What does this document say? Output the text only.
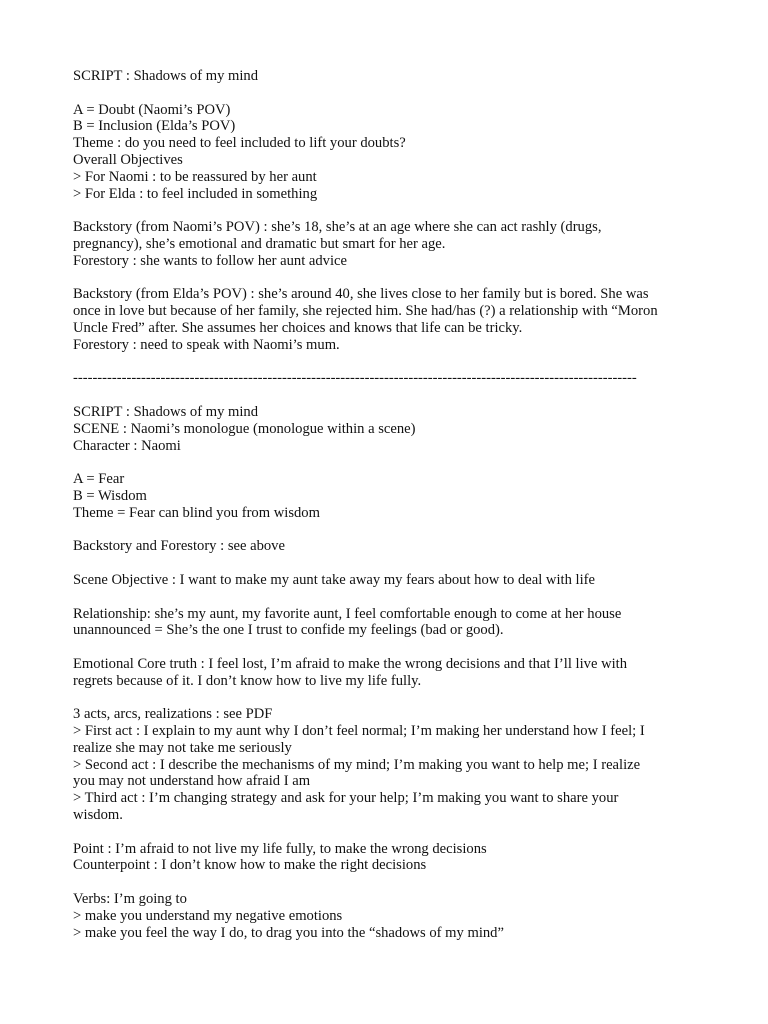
SCRIPT : Shadows of my mind

A = Doubt (Naomi’s POV)

B = Inclusion (Elda’s POV)

Theme : do you need to feel included to lift your doubts?

Overall Objectives

> For Naomi : to be reassured by her aunt

> For Elda : to feel included in something

Backstory (from Naomi’s POV) : she’s 18, she’s at an age where she can act rashly (drugs,

pregnancy), she’s emotional and dramatic but smart for her age.

Forestory : she wants to follow her aunt advice

Backstory (from Elda’s POV) : she’s around 40, she lives close to her family but is bored. She was

once in love but because of her family, she rejected him. She had/has (?) a relationship with “Moron

Uncle Fred” after. She assumes her choices and knows that life can be tricky.

Forestory : need to speak with Naomi’s mum.

--------------------------------------------------------------------------------------------------------------------

SCRIPT : Shadows of my mind

SCENE : Naomi’s monologue (monologue within a scene)

Character : Naomi

A = Fear

B = Wisdom

Theme = Fear can blind you from wisdom

Backstory and Forestory : see above

Scene Objective : I want to make my aunt take away my fears about how to deal with life

Relationship: she’s my aunt, my favorite aunt, I feel comfortable enough to come at her house

unannounced = She’s the one I trust to confide my feelings (bad or good).

Emotional Core truth : I feel lost, I’m afraid to make the wrong decisions and that I’ll live with

regrets because of it. I don’t know how to live my life fully.

3 acts, arcs, realizations : see PDF

> First act : I explain to my aunt why I don’t feel normal; I’m making her understand how I feel; I

realize she may not take me seriously

> Second act : I describe the mechanisms of my mind; I’m making you want to help me; I realize

you may not understand how afraid I am

> Third act : I’m changing strategy and ask for your help; I’m making you want to share your

wisdom.

Point : I’m afraid to not live my life fully, to make the wrong decisions

Counterpoint : I don’t know how to make the right decisions

Verbs: I’m going to

> make you understand my negative emotions

> make you feel the way I do, to drag you into the “shadows of my mind”
